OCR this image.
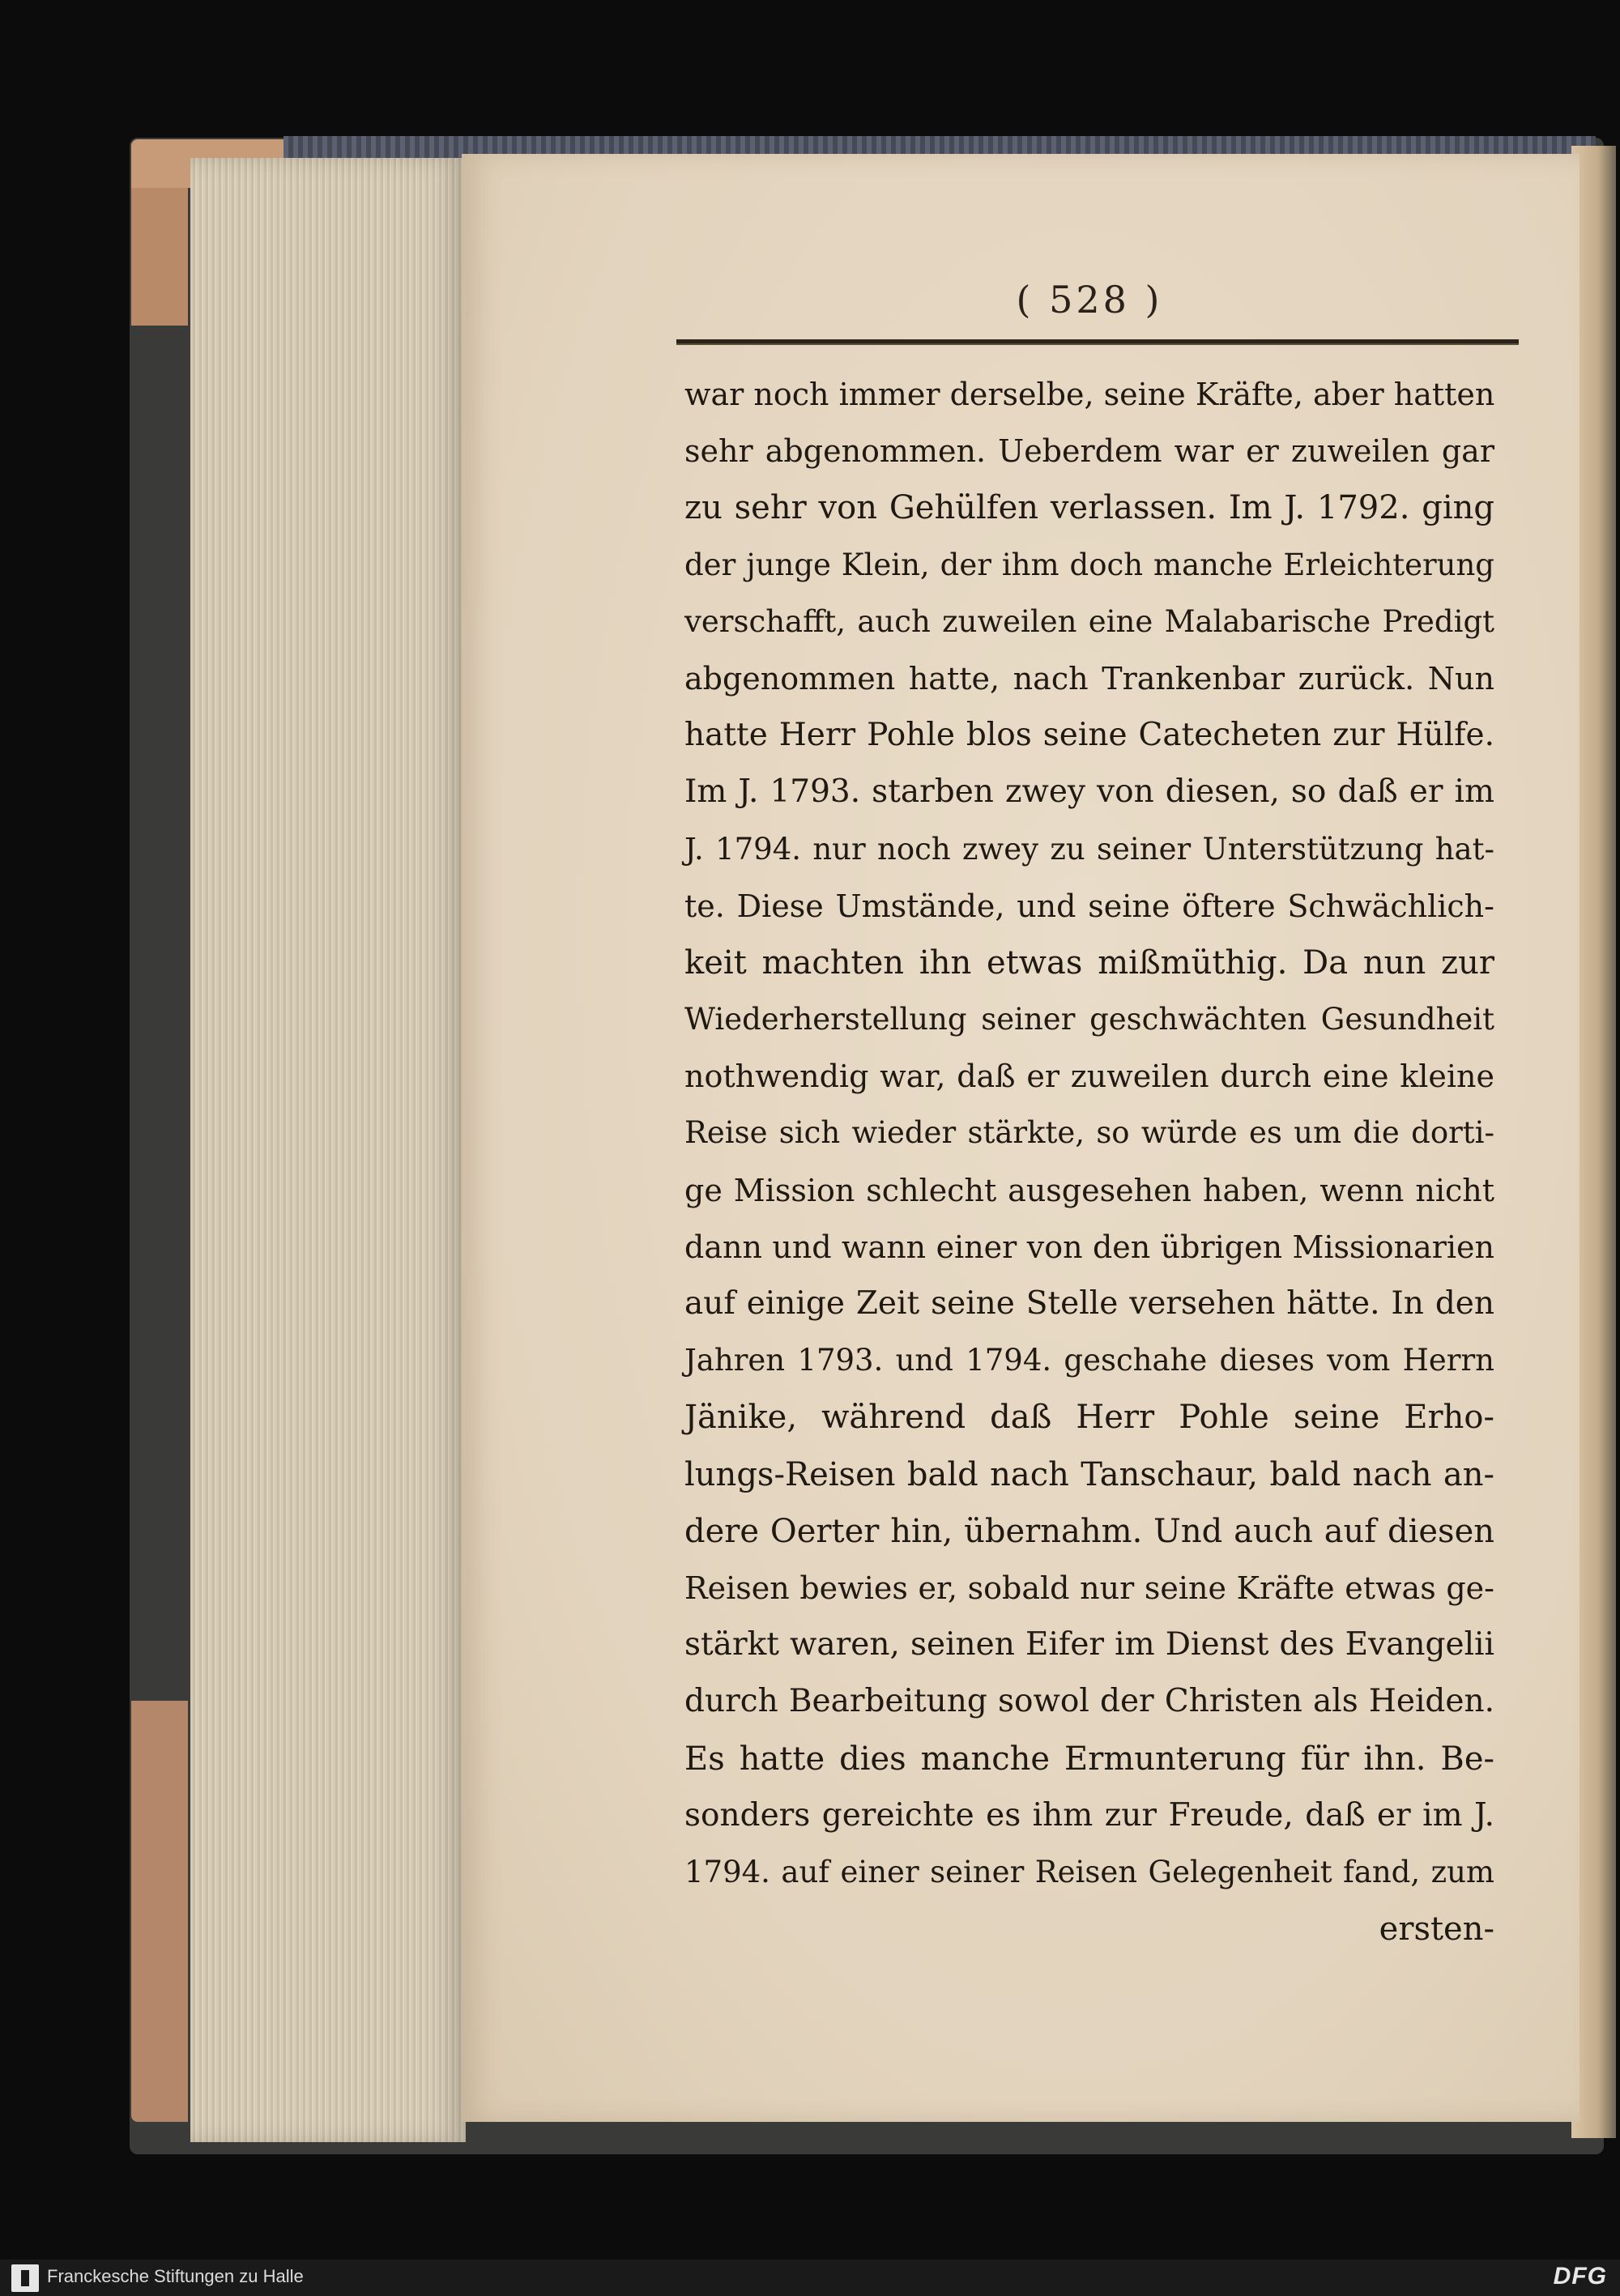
( 528 )
war noch immer derselbe, seine Kräfte, aber hatten
sehr abgenommen. Ueberdem war er zuweilen gar
zu sehr von Gehülfen verlassen. Im J. 1792. ging
der junge Klein, der ihm doch manche Erleichterung
verschafft, auch zuweilen eine Malabarische Predigt
abgenommen hatte, nach Trankenbar zurück. Nun
hatte Herr Pohle blos seine Catecheten zur Hülfe.
Im J. 1793. starben zwey von diesen, so daß er im
J. 1794. nur noch zwey zu seiner Unterstützung hat-
te. Diese Umstände, und seine öftere Schwächlich-
keit machten ihn etwas mißmüthig. Da nun zur
Wiederherstellung seiner geschwächten Gesundheit
nothwendig war, daß er zuweilen durch eine kleine
Reise sich wieder stärkte, so würde es um die dorti-
ge Mission schlecht ausgesehen haben, wenn nicht
dann und wann einer von den übrigen Missionarien
auf einige Zeit seine Stelle versehen hätte. In den
Jahren 1793. und 1794. geschahe dieses vom Herrn
Jänike, während daß Herr Pohle seine Erho-
lungs-Reisen bald nach Tanschaur, bald nach an-
dere Oerter hin, übernahm. Und auch auf diesen
Reisen bewies er, sobald nur seine Kräfte etwas ge-
stärkt waren, seinen Eifer im Dienst des Evangelii
durch Bearbeitung sowol der Christen als Heiden.
Es hatte dies manche Ermunterung für ihn. Be-
sonders gereichte es ihm zur Freude, daß er im J.
1794. auf einer seiner Reisen Gelegenheit fand, zum
ersten-
Franckesche Stiftungen zu Halle	DFG
